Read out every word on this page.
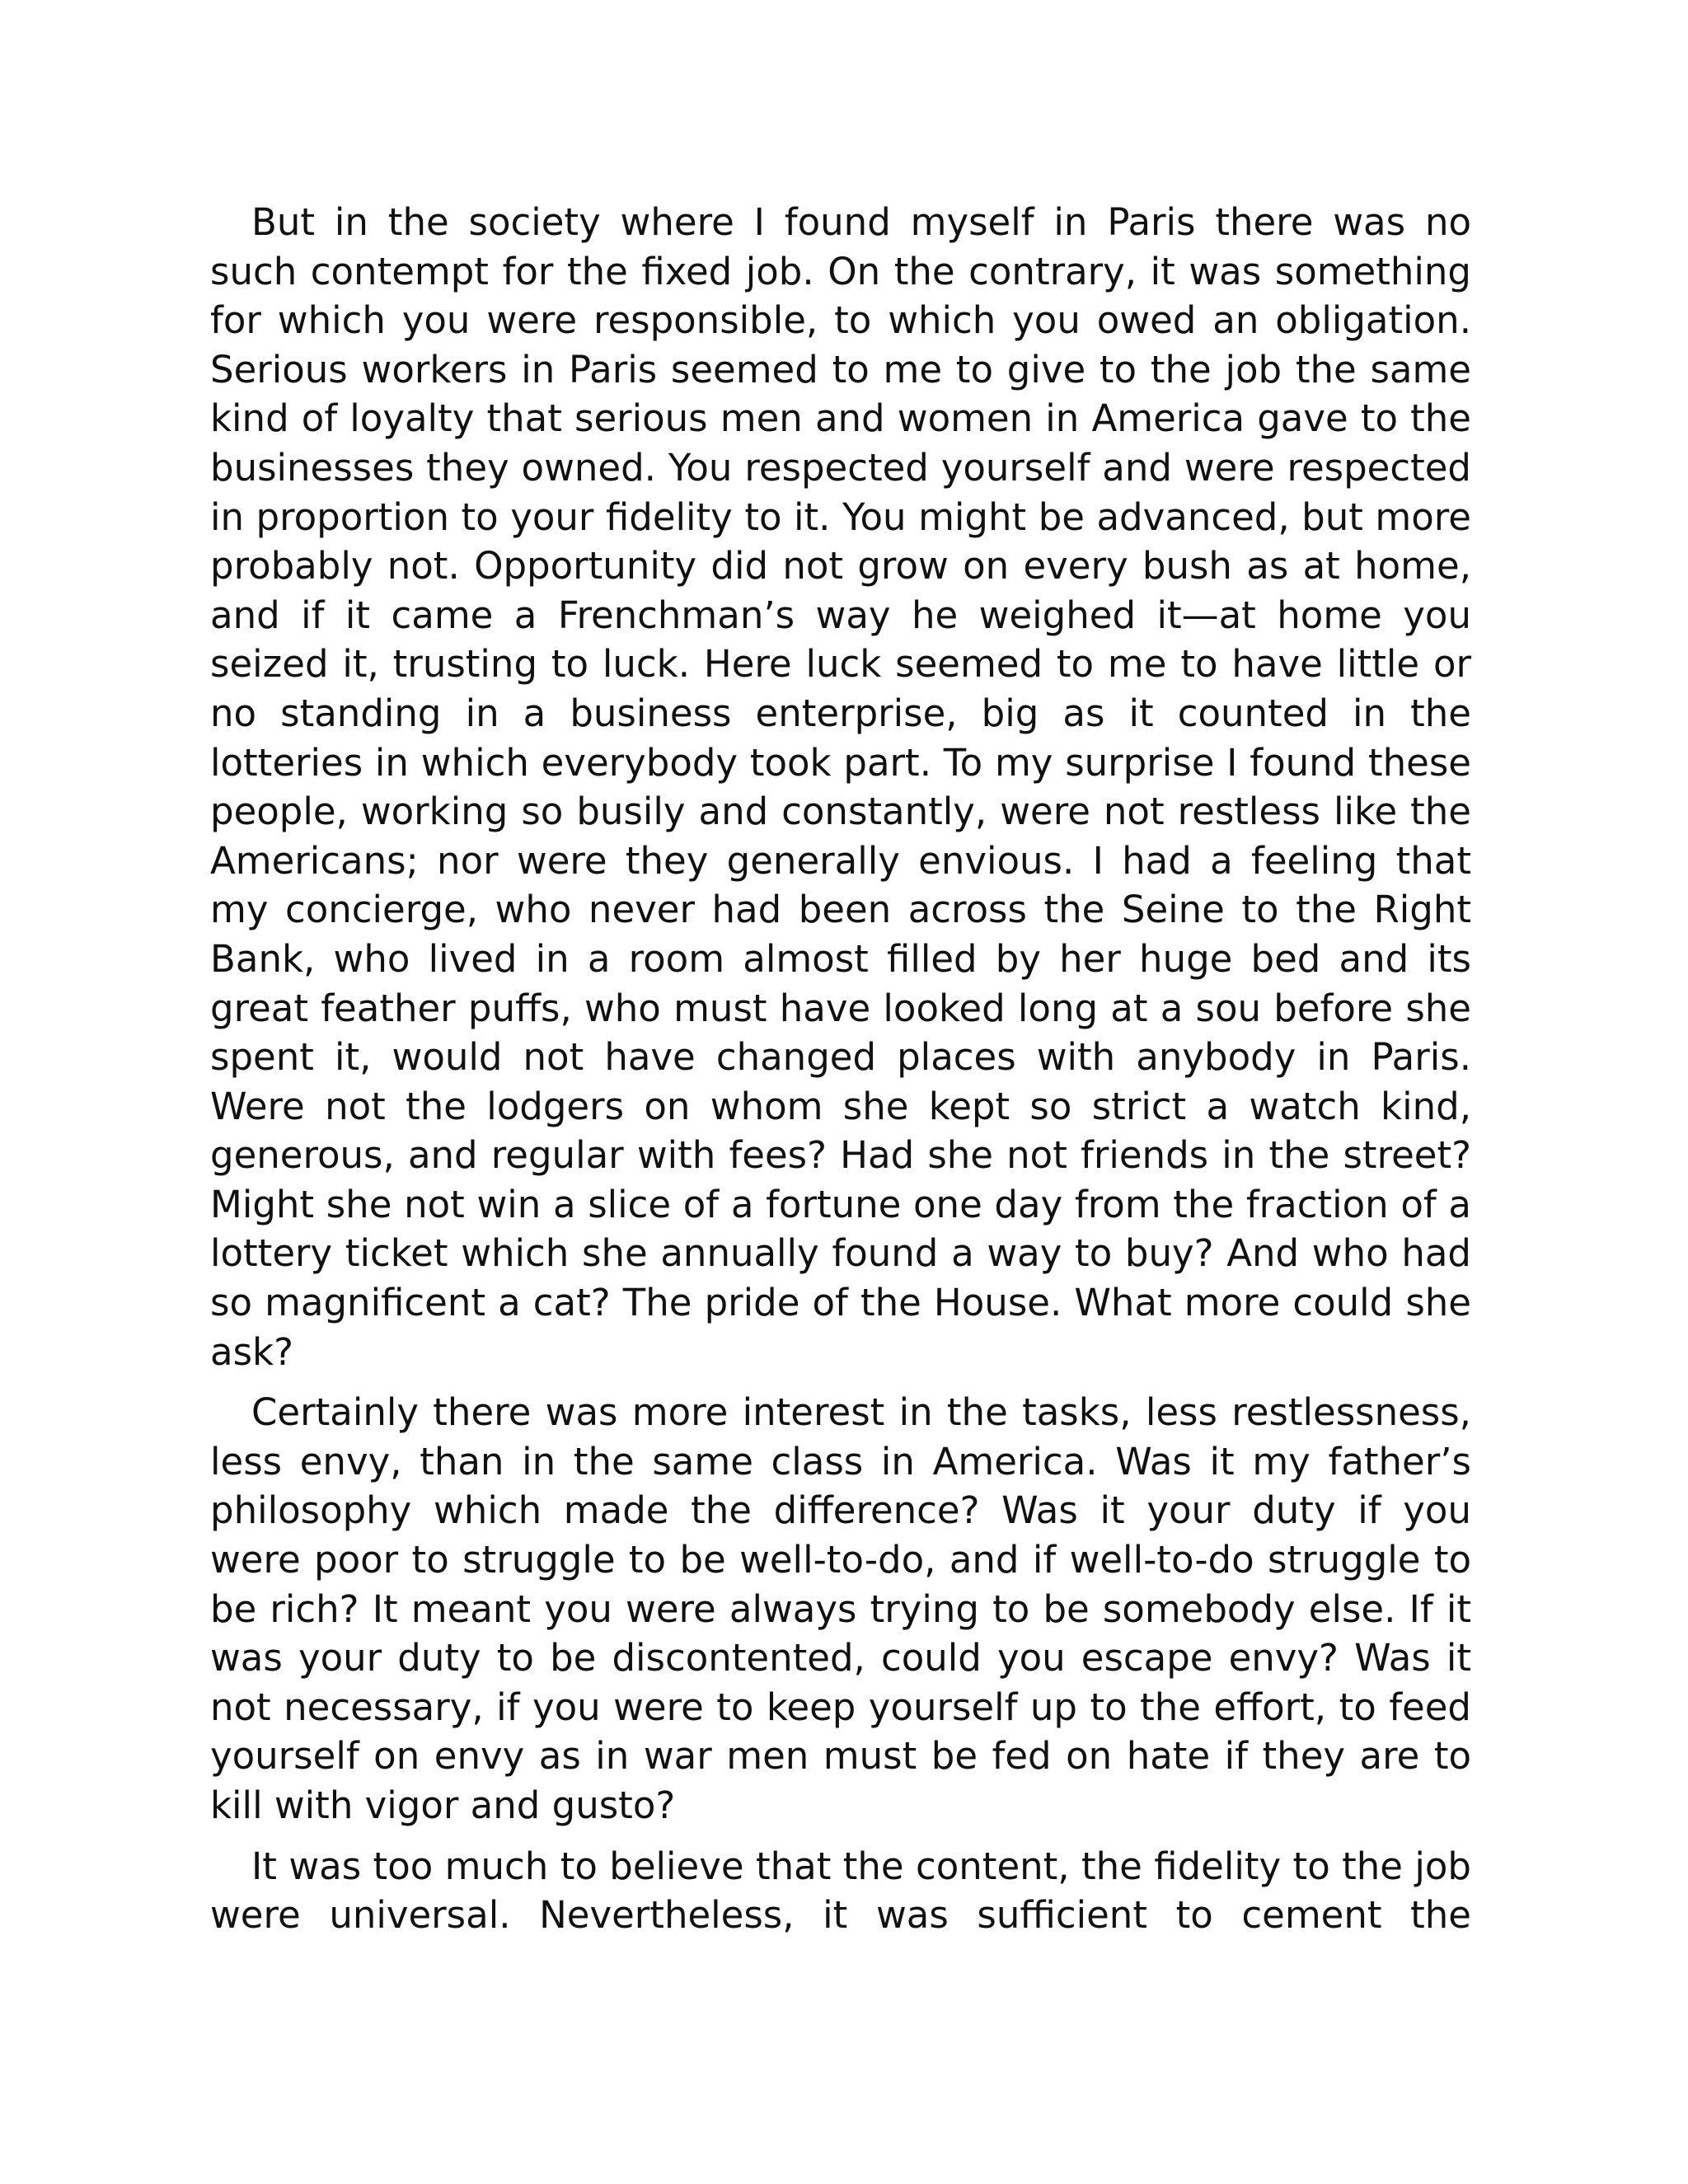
But in the society where I found myself in Paris there was no such contempt for the fixed job. On the contrary, it was something for which you were responsible, to which you owed an obligation. Serious workers in Paris seemed to me to give to the job the same kind of loyalty that serious men and women in America gave to the businesses they owned. You respected yourself and were respected in proportion to your fidelity to it. You might be advanced, but more probably not. Opportunity did not grow on every bush as at home, and if it came a Frenchman’s way he weighed it—at home you seized it, trusting to luck. Here luck seemed to me to have little or no standing in a business enterprise, big as it counted in the lotteries in which everybody took part. To my surprise I found these people, working so busily and constantly, were not restless like the Americans; nor were they generally envious. I had a feeling that my concierge, who never had been across the Seine to the Right Bank, who lived in a room almost filled by her huge bed and its great feather puffs, who must have looked long at a sou before she spent it, would not have changed places with anybody in Paris. Were not the lodgers on whom she kept so strict a watch kind, generous, and regular with fees? Had she not friends in the street? Might she not win a slice of a fortune one day from the fraction of a lottery ticket which she annually found a way to buy? And who had so magnificent a cat? The pride of the House. What more could she ask?

Certainly there was more interest in the tasks, less restlessness, less envy, than in the same class in America. Was it my father’s philosophy which made the difference? Was it your duty if you were poor to struggle to be well-to-do, and if well-to-do struggle to be rich? It meant you were always trying to be somebody else. If it was your duty to be discontented, could you escape envy? Was it not necessary, if you were to keep yourself up to the effort, to feed yourself on envy as in war men must be fed on hate if they are to kill with vigor and gusto?

It was too much to believe that the content, the fidelity to the job were universal. Nevertheless, it was sufficient to cement the
